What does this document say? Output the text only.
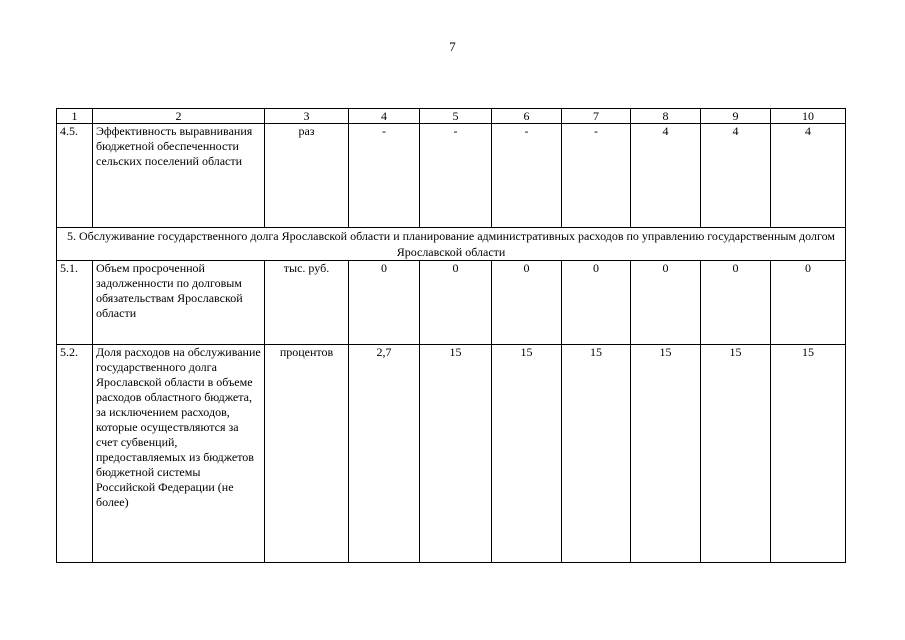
7
1	2	3	4	5	6	7	8	9	10
4.5.	Эффективность выравнивания бюджетной обеспеченности сельских поселений области	раз	-	-	-	-	4	4	4
5. Обслуживание государственного долга Ярославской области и планирование административных расходов по управлению государственным долгом Ярославской области									
5.1.	Объем просроченной задолженности по долговым обязательствам Ярославской области	тыс. руб.	0	0	0	0	0	0	0
5.2.	Доля расходов на обслуживание государственного долга Ярославской области в объеме расходов областного бюджета, за исключением расходов, которые осуществляются за счет субвенций, предоставляемых из бюджетов бюджетной системы Российской Федерации (не более)	процентов	2,7	15	15	15	15	15	15
